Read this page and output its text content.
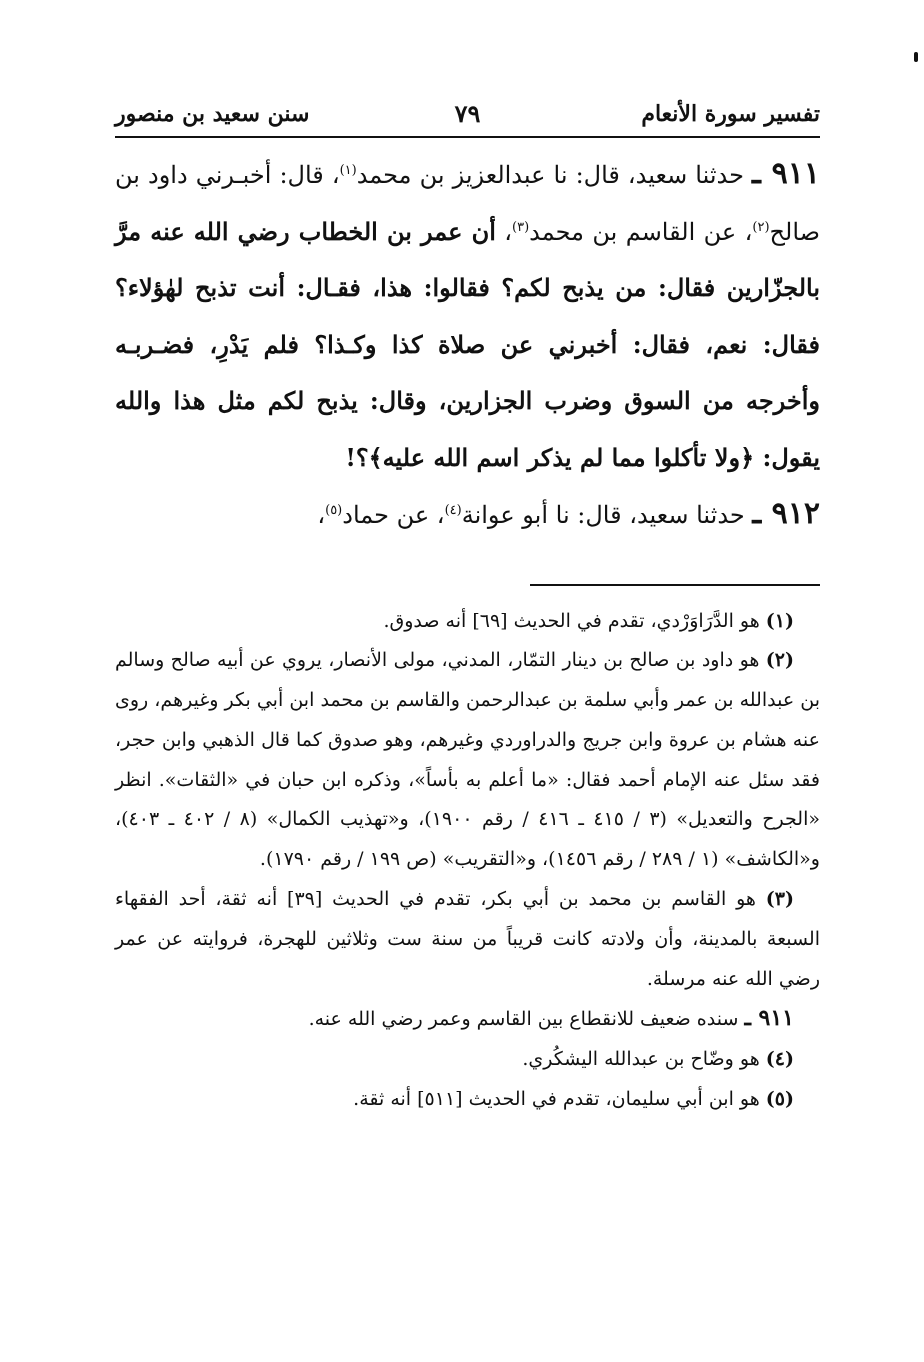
تفسير سورة الأنعام
٧٩
سنن سعيد بن منصور

٩١١ ـ حدثنا سعيد، قال: نا عبدالعزيز بن محمد$^{(١)}$، قال: أخبـرني داود بن صالح$^{(٢)}$، عن القاسم بن محمد$^{(٣)}$، أن عمر بن الخطاب رضي الله عنه مرَّ بالجزّارين فقال: من يذبح لكم؟ فقالوا: هذا، فقـال: أنت تذبح لهٰؤلاء؟ فقال: نعم، فقال: أخبرني عن صلاة كذا وكـذا؟ فلم يَدْرِ، فضـربـه وأخرجه من السوق وضرب الجزارين، وقال: يذبح لكم مثل هذا والله يقول: ﴿ولا تأكلوا مما لم يذكر اسم الله عليه﴾؟!

٩١٢ ـ حدثنا سعيد، قال: نا أبو عوانة$^{(٤)}$، عن حماد$^{(٥)}$،

(١) هو الدَّرَاوَرْدي، تقدم في الحديث [٦٩] أنه صدوق.

(٢) هو داود بن صالح بن دينار التمّار، المدني، مولى الأنصار، يروي عن أبيه صالح وسالم بن عبدالله بن عمر وأبي سلمة بن عبدالرحمن والقاسم بن محمد ابن أبي بكر وغيرهم، روى عنه هشام بن عروة وابن جريج والدراوردي وغيرهم، وهو صدوق كما قال الذهبي وابن حجر، فقد سئل عنه الإمام أحمد فقال: «ما أعلم به بأساً»، وذكره ابن حبان في «الثقات». انظر «الجرح والتعديل» (٣ / ٤١٥ ـ ٤١٦ / رقم ١٩٠٠)، و«تهذيب الكمال» (٨ / ٤٠٢ ـ ٤٠٣)، و«الكاشف» (١ / ٢٨٩ / رقم ١٤٥٦)، و«التقريب» (ص ١٩٩ / رقم ١٧٩٠).

(٣) هو القاسم بن محمد بن أبي بكر، تقدم في الحديث [٣٩] أنه ثقة، أحد الفقهاء السبعة بالمدينة، وأن ولادته كانت قريباً من سنة ست وثلاثين للهجرة، فروايته عن عمر رضي الله عنه مرسلة.

٩١١ ـ سنده ضعيف للانقطاع بين القاسم وعمر رضي الله عنه.

(٤) هو وضّاح بن عبدالله اليشكُري.

(٥) هو ابن أبي سليمان، تقدم في الحديث [٥١١] أنه ثقة.
